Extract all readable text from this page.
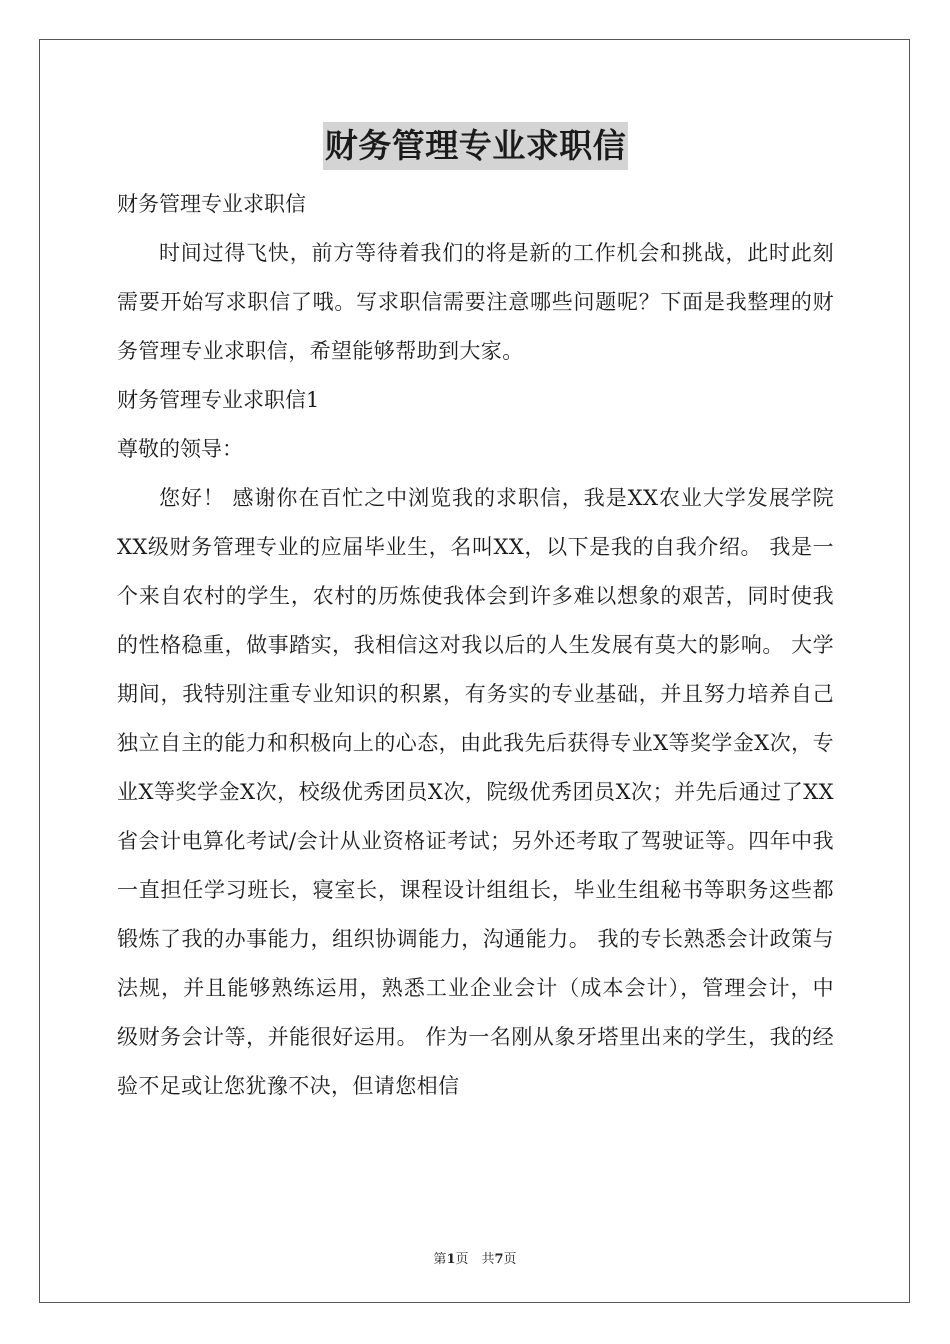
财务管理专业求职信

财务管理专业求职信

时间过得飞快，前方等待着我们的将是新的工作机会和挑战，此时此刻需要开始写求职信了哦。写求职信需要注意哪些问题呢？下面是我整理的财务管理专业求职信，希望能够帮助到大家。

财务管理专业求职信1

尊敬的领导：

您好！ 感谢你在百忙之中浏览我的求职信，我是XX农业大学发展学院XX级财务管理专业的应届毕业生，名叫XX，以下是我的自我介绍。 我是一个来自农村的学生，农村的历炼使我体会到许多难以想象的艰苦，同时使我的性格稳重，做事踏实，我相信这对我以后的人生发展有莫大的影响。 大学期间，我特别注重专业知识的积累，有务实的专业基础，并且努力培养自己独立自主的能力和积极向上的心态，由此我先后获得专业X等奖学金X次，专业X等奖学金X次，校级优秀团员X次，院级优秀团员X次；并先后通过了XX省会计电算化考试/会计从业资格证考试；另外还考取了驾驶证等。四年中我一直担任学习班长，寝室长，课程设计组组长，毕业生组秘书等职务这些都锻炼了我的办事能力，组织协调能力，沟通能力。 我的专长熟悉会计政策与法规，并且能够熟练运用，熟悉工业企业会计（成本会计），管理会计，中级财务会计等，并能很好运用。 作为一名刚从象牙塔里出来的学生，我的经验不足或让您犹豫不决，但请您相信

第1页　共7页
